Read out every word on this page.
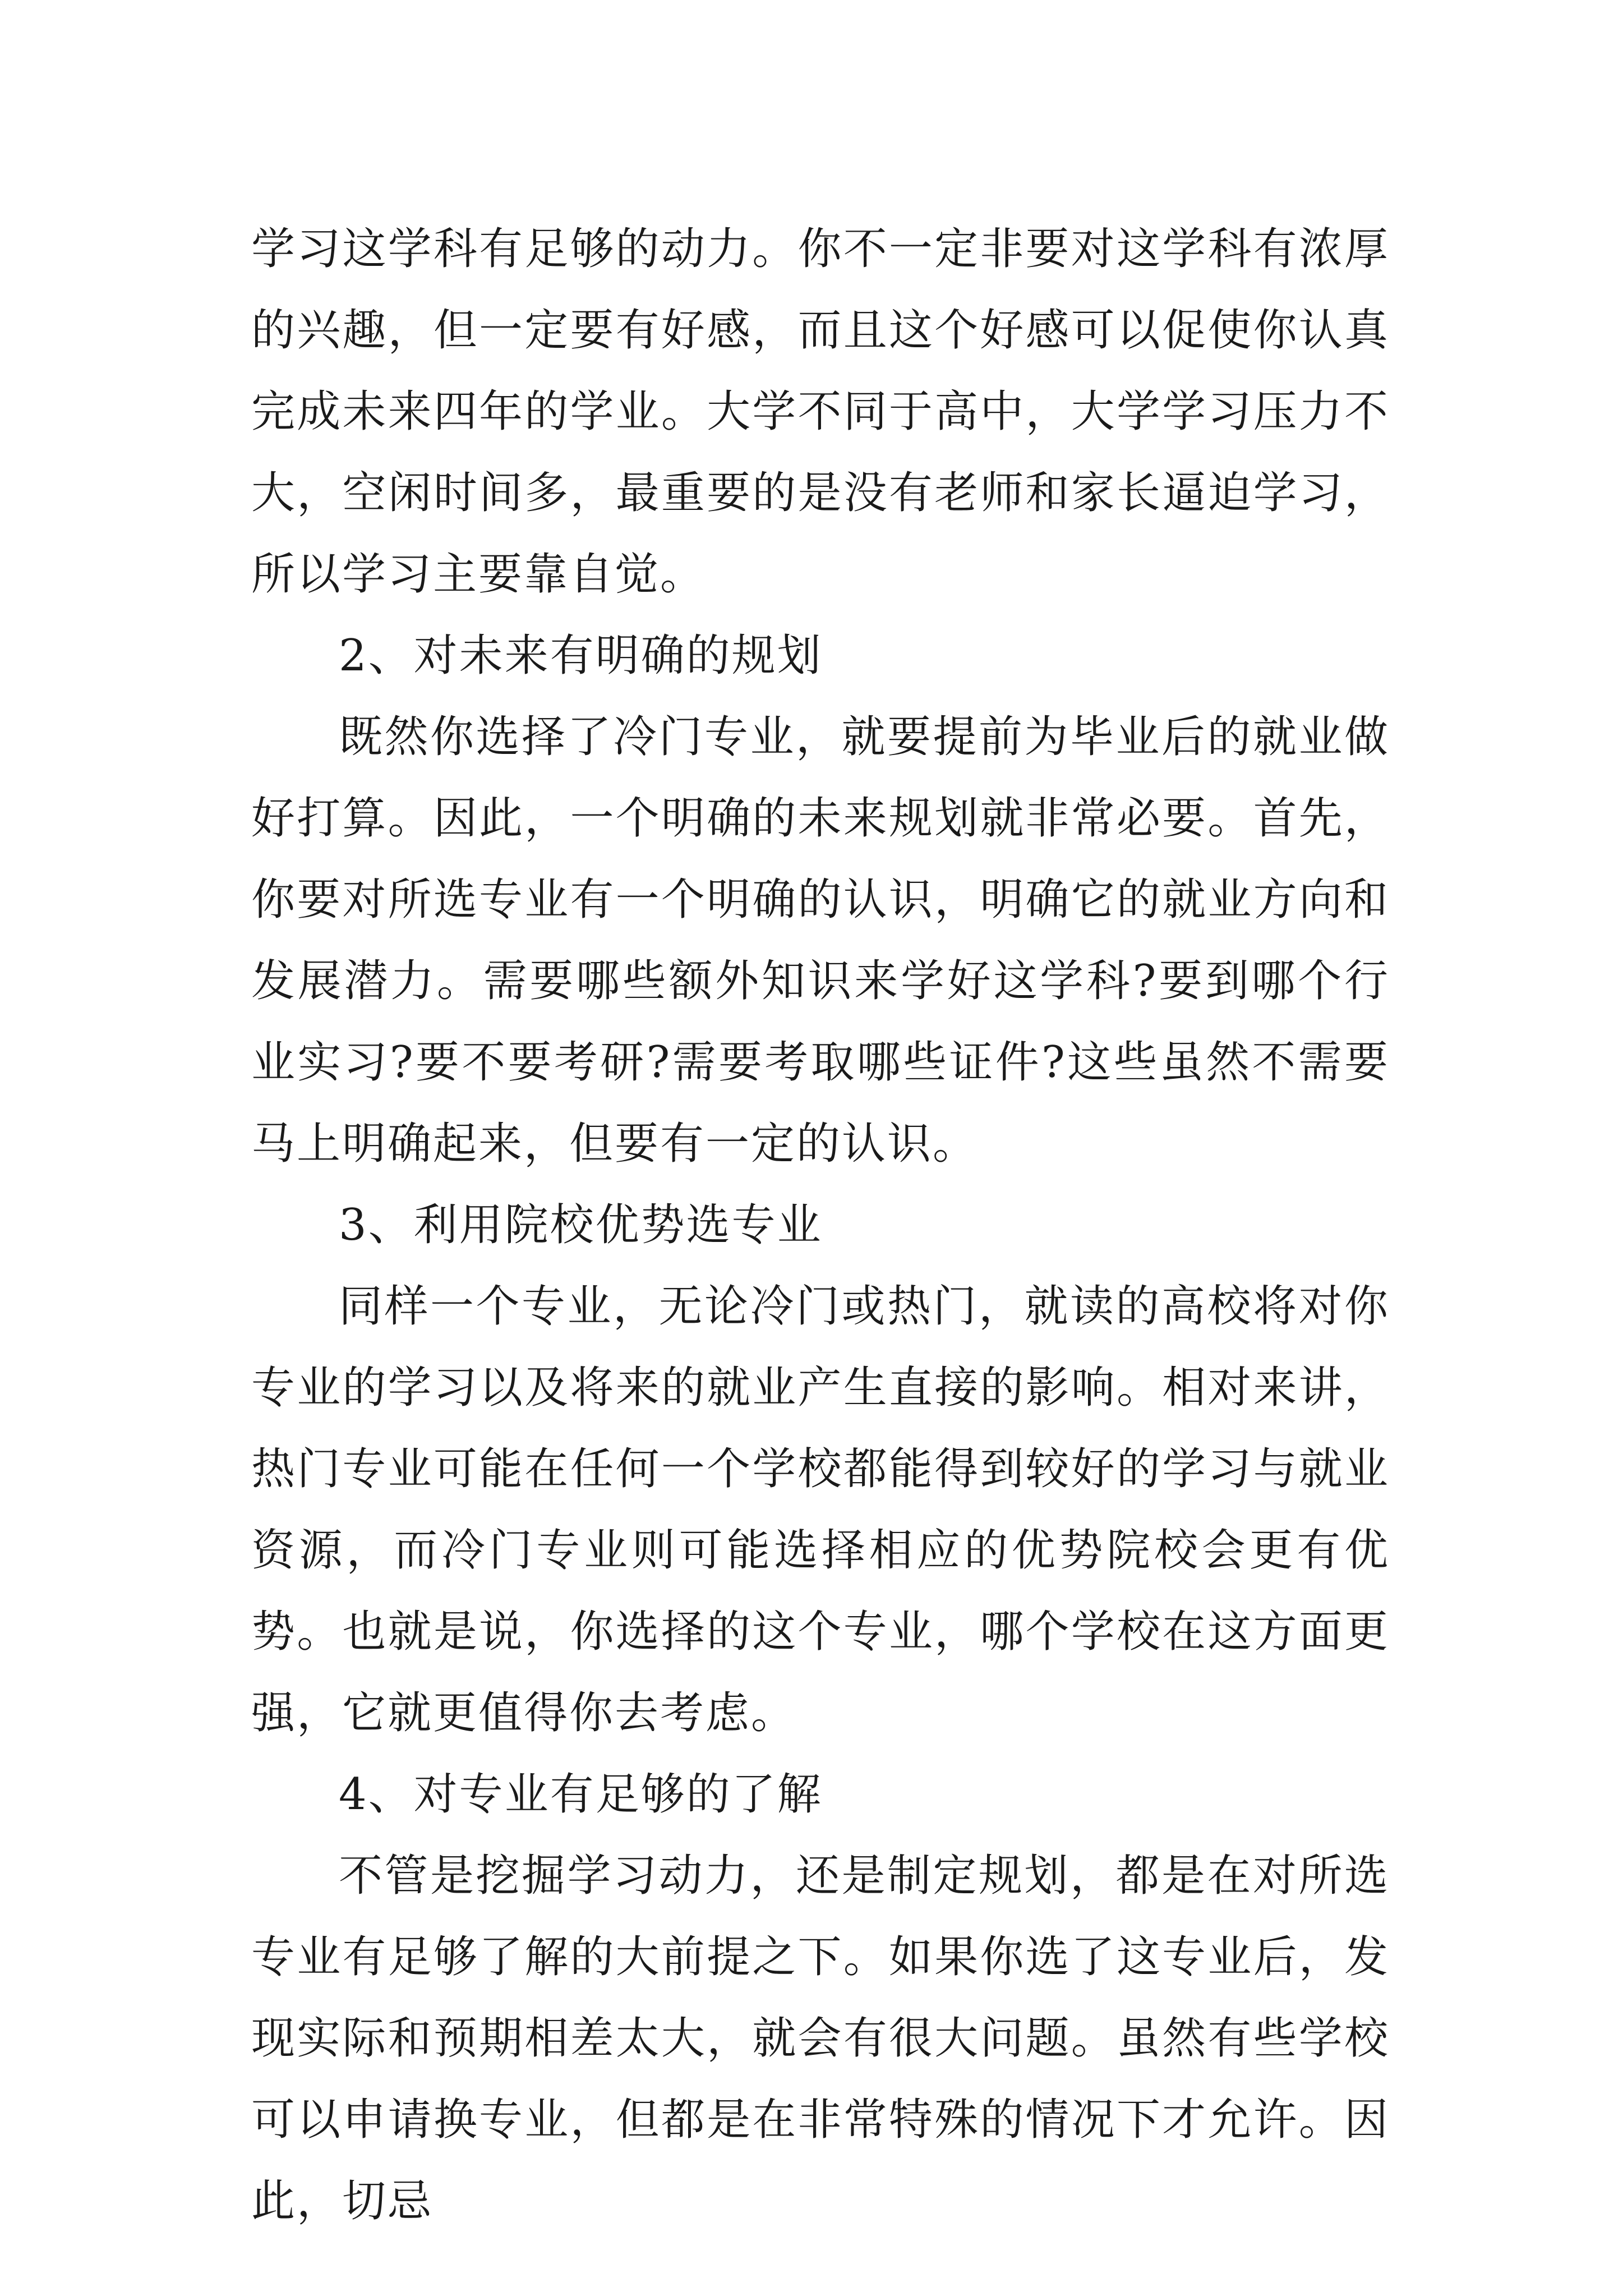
学习这学科有足够的动力。你不一定非要对这学科有浓厚的兴趣，但一定要有好感，而且这个好感可以促使你认真完成未来四年的学业。大学不同于高中，大学学习压力不大，空闲时间多，最重要的是没有老师和家长逼迫学习，所以学习主要靠自觉。

2、对未来有明确的规划

既然你选择了冷门专业，就要提前为毕业后的就业做好打算。因此，一个明确的未来规划就非常必要。首先，你要对所选专业有一个明确的认识，明确它的就业方向和发展潜力。需要哪些额外知识来学好这学科?要到哪个行业实习?要不要考研?需要考取哪些证件?这些虽然不需要马上明确起来，但要有一定的认识。

3、利用院校优势选专业

同样一个专业，无论冷门或热门，就读的高校将对你专业的学习以及将来的就业产生直接的影响。相对来讲，热门专业可能在任何一个学校都能得到较好的学习与就业资源，而冷门专业则可能选择相应的优势院校会更有优势。也就是说，你选择的这个专业，哪个学校在这方面更强，它就更值得你去考虑。

4、对专业有足够的了解

不管是挖掘学习动力，还是制定规划，都是在对所选专业有足够了解的大前提之下。如果你选了这专业后，发现实际和预期相差太大，就会有很大问题。虽然有些学校可以申请换专业，但都是在非常特殊的情况下才允许。因此，切忌
